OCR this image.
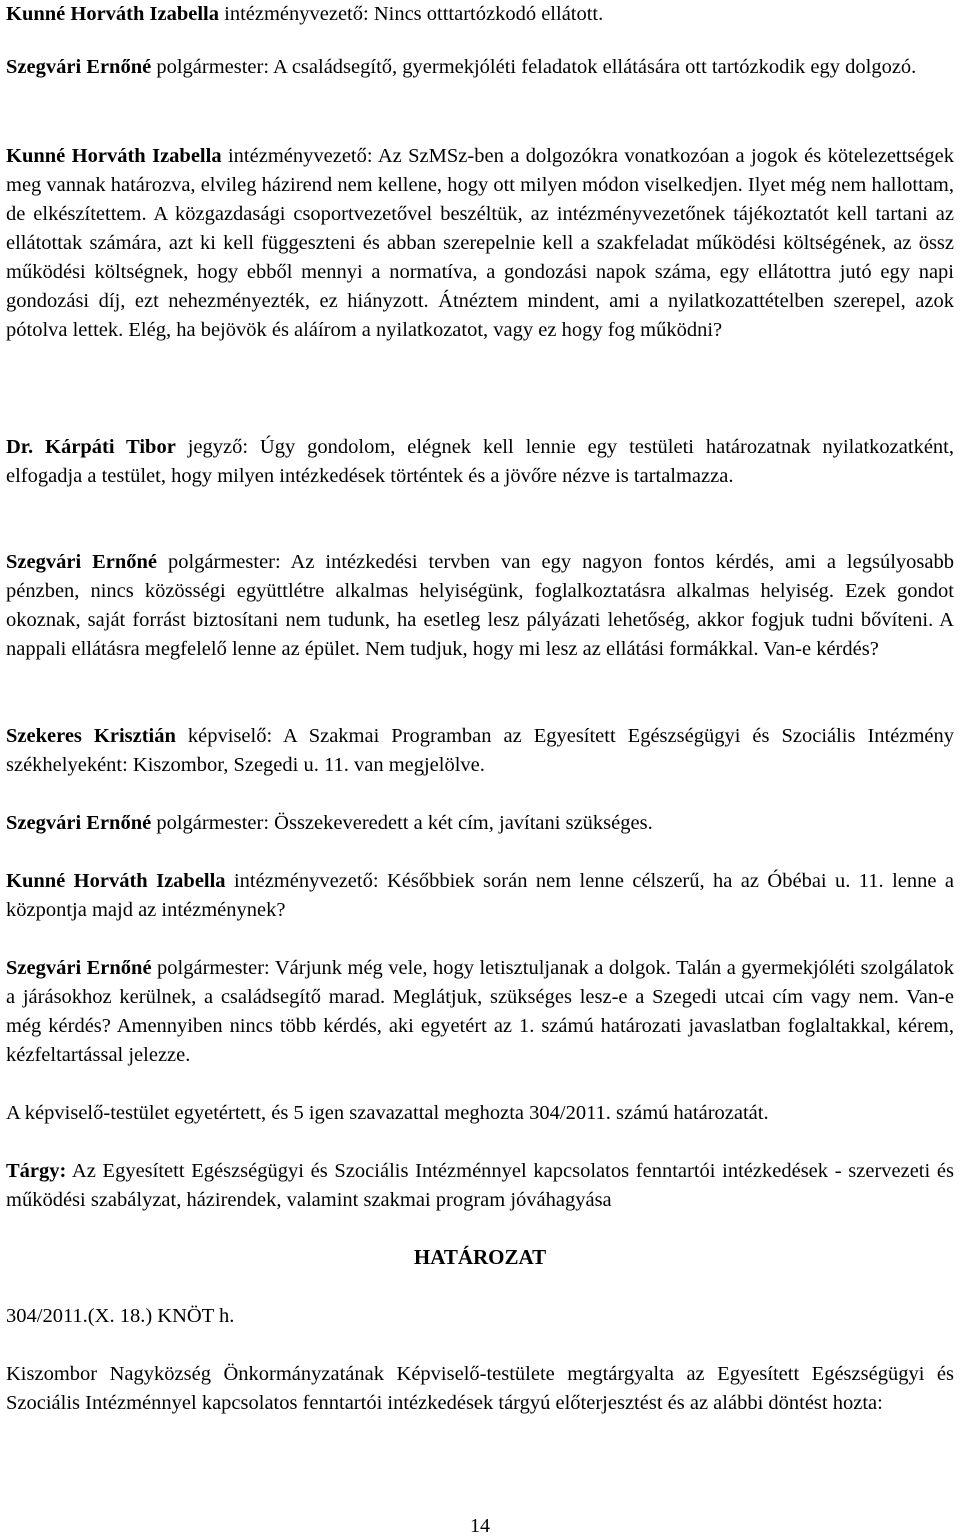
Kunné Horváth Izabella intézményvezető: Nincs otttartózkodó ellátott.

Szegvári Ernőné polgármester: A családsegítő, gyermekjóléti feladatok ellátására ott tartózkodik egy dolgozó.

Kunné Horváth Izabella intézményvezető: Az SzMSz-ben a dolgozókra vonatkozóan a jogok és kötelezettségek meg vannak határozva, elvileg házirend nem kellene, hogy ott milyen módon viselkedjen. Ilyet még nem hallottam, de elkészítettem. A közgazdasági csoportvezetővel beszéltük, az intézményvezetőnek tájékoztatót kell tartani az ellátottak számára, azt ki kell függeszteni és abban szerepelnie kell a szakfeladat működési költségének, az össz működési költségnek, hogy ebből mennyi a normatíva, a gondozási napok száma, egy ellátottra jutó egy napi gondozási díj, ezt nehezményezték, ez hiányzott. Átnéztem mindent, ami a nyilatkozattételben szerepel, azok pótolva lettek. Elég, ha bejövök és aláírom a nyilatkozatot, vagy ez hogy fog működni?

Dr. Kárpáti Tibor jegyző: Úgy gondolom, elégnek kell lennie egy testületi határozatnak nyilatkozatként, elfogadja a testület, hogy milyen intézkedések történtek és a jövőre nézve is tartalmazza.

Szegvári Ernőné polgármester: Az intézkedési tervben van egy nagyon fontos kérdés, ami a legsúlyosabb pénzben, nincs közösségi együttlétre alkalmas helyiségünk, foglalkoztatásra alkalmas helyiség. Ezek gondot okoznak, saját forrást biztosítani nem tudunk, ha esetleg lesz pályázati lehetőség, akkor fogjuk tudni bővíteni. A nappali ellátásra megfelelő lenne az épület. Nem tudjuk, hogy mi lesz az ellátási formákkal. Van-e kérdés?

Szekeres Krisztián képviselő: A Szakmai Programban az Egyesített Egészségügyi és Szociális Intézmény székhelyeként: Kiszombor, Szegedi u. 11. van megjelölve.

Szegvári Ernőné polgármester: Összekeveredett a két cím, javítani szükséges.

Kunné Horváth Izabella intézményvezető: Későbbiek során nem lenne célszerű, ha az Óbébai u. 11. lenne a központja majd az intézménynek?

Szegvári Ernőné polgármester: Várjunk még vele, hogy letisztuljanak a dolgok. Talán a gyermekjóléti szolgálatok a járásokhoz kerülnek, a családsegítő marad. Meglátjuk, szükséges lesz-e a Szegedi utcai cím vagy nem. Van-e még kérdés? Amennyiben nincs több kérdés, aki egyetért az 1. számú határozati javaslatban foglaltakkal, kérem, kézfeltartással jelezze.

A képviselő-testület egyetértett, és 5 igen szavazattal meghozta 304/2011. számú határozatát.

Tárgy: Az Egyesített Egészségügyi és Szociális Intézménnyel kapcsolatos fenntartói intézkedések - szervezeti és működési szabályzat, házirendek, valamint szakmai program jóváhagyása

HATÁROZAT

304/2011.(X. 18.) KNÖT h.

Kiszombor Nagyközség Önkormányzatának Képviselő-testülete megtárgyalta az Egyesített Egészségügyi és Szociális Intézménnyel kapcsolatos fenntartói intézkedések tárgyú előterjesztést és az alábbi döntést hozta:

14
